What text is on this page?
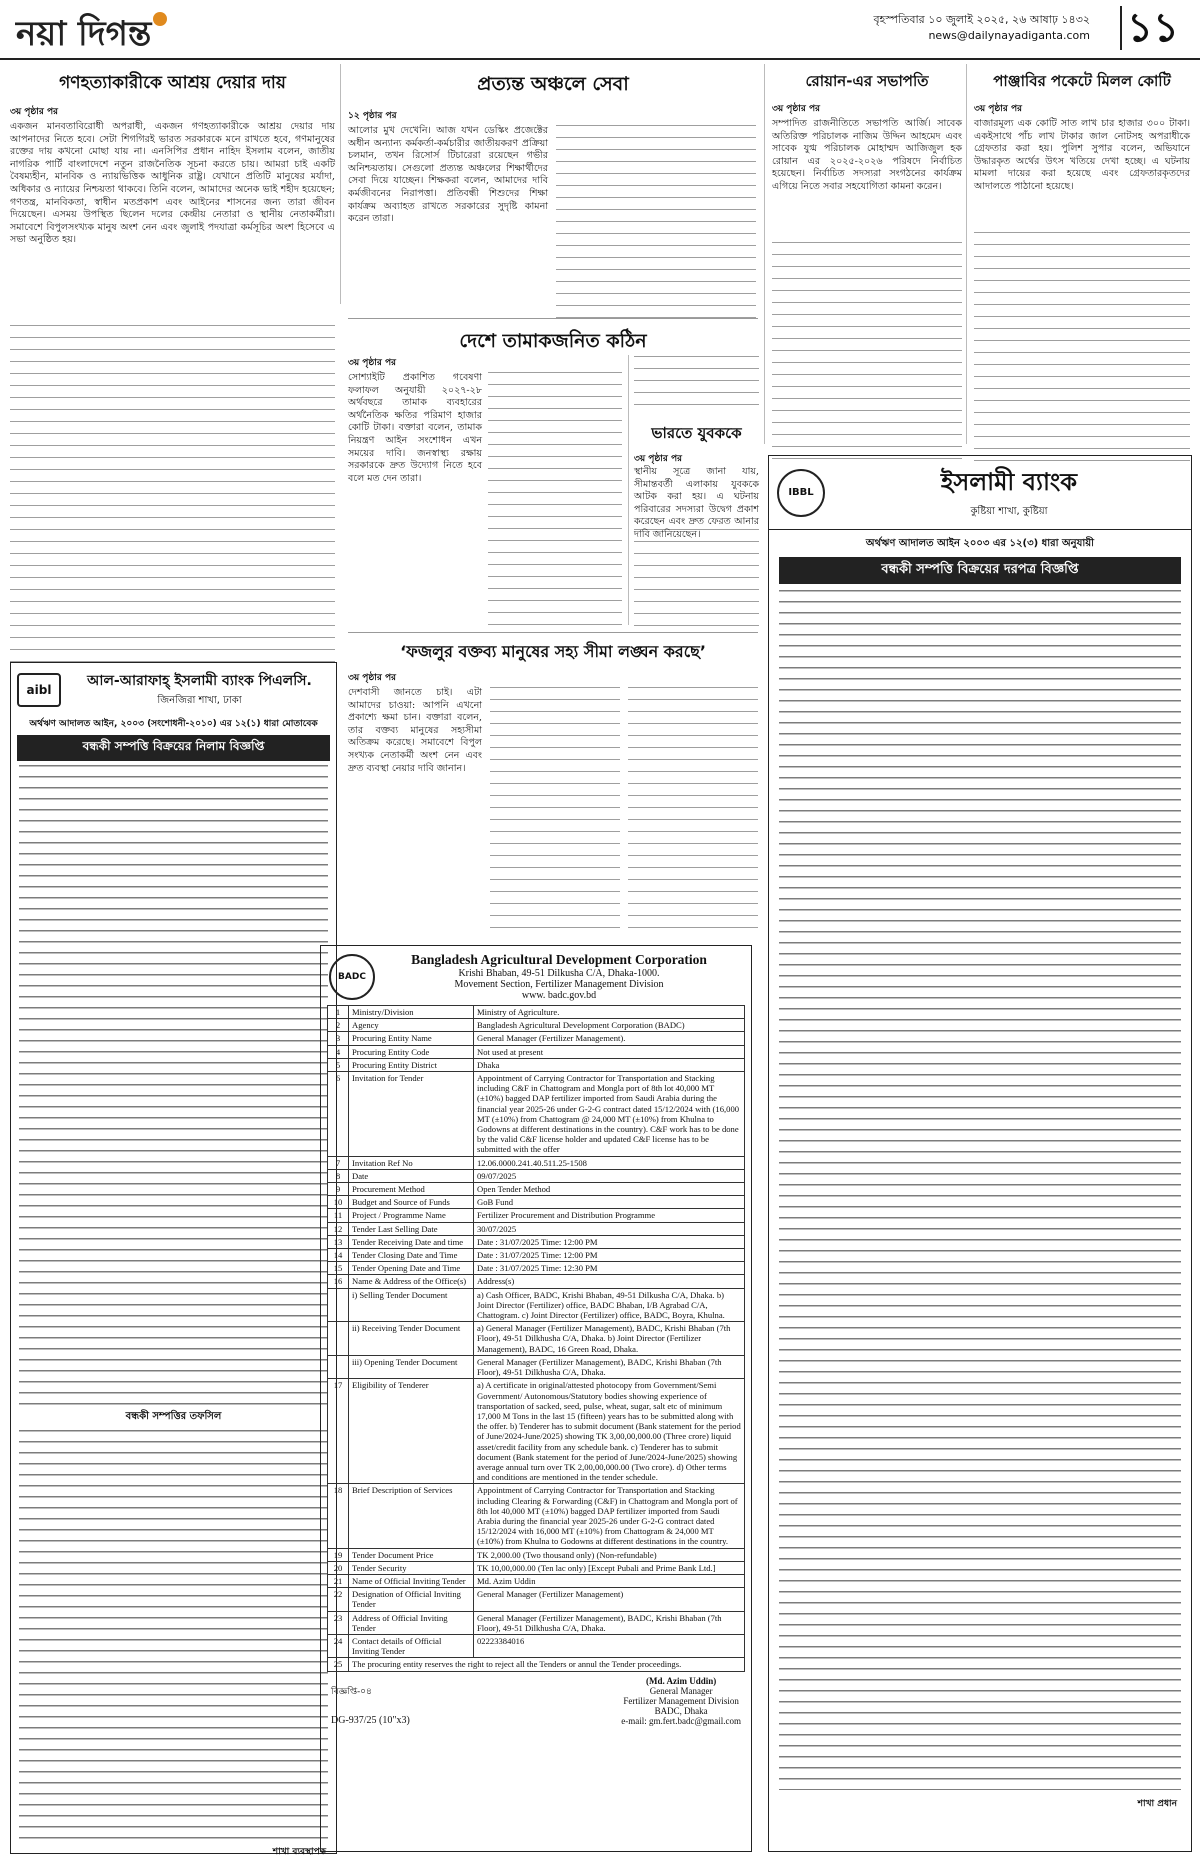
নয়া দিগন্ত	বৃহস্পতিবার ১০ জুলাই ২০২৫, ২৬ আষাঢ় ১৪৩২
news@dailynayadiganta.com ১১
গণহত্যাকারীকে আশ্রয় দেয়ার দায়
৩য় পৃষ্ঠার পর
একজন মানবতাবিরোধী অপরাধী, একজন গণহত্যাকারীকে আশ্রয় দেয়ার দায় আপনাদের নিতে হবে। সেটা শিগগিরই ভারত সরকারকে মনে রাখতে হবে, গণমানুষের রক্তের দায় কখনো মোছা যায় না। এনসিপির প্রধান নাহিদ ইসলাম বলেন, জাতীয় নাগরিক পার্টি বাংলাদেশে নতুন রাজনৈতিক সূচনা করতে চায়। আমরা চাই একটি বৈষম্যহীন, মানবিক ও ন্যায়ভিত্তিক আধুনিক রাষ্ট্র। যেখানে প্রতিটি মানুষের মর্যাদা, অধিকার ও ন্যায়ের নিশ্চয়তা থাকবে। তিনি বলেন, আমাদের অনেক ভাই শহীদ হয়েছেন; গণতন্ত্র, মানবিকতা, স্বাধীন মতপ্রকাশ এবং আইনের শাসনের জন্য তারা জীবন দিয়েছেন। এসময় উপস্থিত ছিলেন দলের কেন্দ্রীয় নেতারা ও স্থানীয় নেতাকর্মীরা। সমাবেশে বিপুলসংখ্যক মানুষ অংশ নেন এবং জুলাই পদযাত্রা কর্মসূচির অংশ হিসেবে এ সভা অনুষ্ঠিত হয়।
প্রত্যন্ত অঞ্চলে সেবা
১২ পৃষ্ঠার পর
আলোর মুখ দেখেনি। আজ যখন ডেস্কিং প্রজেক্টের অধীন অন্যান্য কর্মকর্তা-কর্মচারীর জাতীয়করণ প্রক্রিয়া চলমান, তখন রিসোর্স টিচারেরা রয়েছেন গভীর অনিশ্চয়তায়। সেগুলো প্রত্যন্ত অঞ্চলের শিক্ষার্থীদের সেবা দিয়ে যাচ্ছেন। শিক্ষকরা বলেন, আমাদের দাবি কর্মজীবনের নিরাপত্তা। প্রতিবন্ধী শিশুদের শিক্ষা কার্যক্রম অব্যাহত রাখতে সরকারের সুদৃষ্টি কামনা করেন তারা।
রোয়ান-এর সভাপতি
৩য় পৃষ্ঠার পর
সম্পাদিত রাজনীতিতে সভাপতি আর্জি। সাবেক অতিরিক্ত পরিচালক নাজিম উদ্দিন আহমেদ এবং সাবেক যুগ্ম পরিচালক মোহাম্মদ আজিজুল হক রোয়ান এর ২০২৫-২০২৬ পরিষদে নির্বাচিত হয়েছেন। নির্বাচিত সদস্যরা সংগঠনের কার্যক্রম এগিয়ে নিতে সবার সহযোগিতা কামনা করেন।
পাঞ্জাবির পকেটে মিলল কোটি
৩য় পৃষ্ঠার পর
বাজারমূল্য এক কোটি সাত লাখ চার হাজার ৩০০ টাকা। একইসাথে পাঁচ লাখ টাকার জাল নোটসহ অপরাধীকে গ্রেফতার করা হয়। পুলিশ সুপার বলেন, অভিযানে উদ্ধারকৃত অর্থের উৎস খতিয়ে দেখা হচ্ছে। এ ঘটনায় মামলা দায়ের করা হয়েছে এবং গ্রেফতারকৃতদের আদালতে পাঠানো হয়েছে।
দেশে তামাকজনিত কঠিন
৩য় পৃষ্ঠার পর
সোশ্যাইটি প্রকাশিত গবেষণা ফলাফল অনুযায়ী ২০২৭-২৮ অর্থবছরে তামাক ব্যবহারের অর্থনৈতিক ক্ষতির পরিমাণ হাজার কোটি টাকা। বক্তারা বলেন, তামাক নিয়ন্ত্রণ আইন সংশোধন এখন সময়ের দাবি। জনস্বাস্থ্য রক্ষায় সরকারকে দ্রুত উদ্যোগ নিতে হবে বলে মত দেন তারা।
ভারতে যুবককে
৩য় পৃষ্ঠার পর
স্থানীয় সূত্রে জানা যায়, সীমান্তবর্তী এলাকায় যুবককে আটক করা হয়। এ ঘটনায় পরিবারের সদস্যরা উদ্বেগ প্রকাশ করেছেন এবং দ্রুত ফেরত আনার দাবি জানিয়েছেন।
‘ফজলুর বক্তব্য মানুষের সহ্য সীমা লঙ্ঘন করছে’
৩য় পৃষ্ঠার পর
দেশবাসী জানতে চাই। এটা আমাদের চাওয়া: আপনি এখনো প্রকাশ্যে ক্ষমা চান। বক্তারা বলেন, তার বক্তব্য মানুষের সহ্যসীমা অতিক্রম করেছে। সমাবেশে বিপুল সংখ্যক নেতাকর্মী অংশ নেন এবং দ্রুত ব্যবস্থা নেয়ার দাবি জানান।
aibl
আল-আরাফাহ্ ইসলামী ব্যাংক পিএলসি.
জিনজিরা শাখা, ঢাকা
অর্থঋণ আদালত আইন, ২০০৩ (সংশোধনী-২০১০) এর ১২(১) ধারা মোতাবেক
বন্ধকী সম্পত্তি বিক্রয়ের নিলাম বিজ্ঞপ্তি
বন্ধকী সম্পত্তির তফসিল
শাখা ব্যবস্থাপক
BADC
Bangladesh Agricultural Development Corporation
Krishi Bhaban, 49-51 Dilkusha C/A, Dhaka-1000.
Movement Section, Fertilizer Management Division
www. badc.gov.bd
1	Ministry/Division	Ministry of Agriculture.
2	Agency	Bangladesh Agricultural Development Corporation (BADC)
3	Procuring Entity Name	General Manager (Fertilizer Management).
4	Procuring Entity Code	Not used at present
5	Procuring Entity District	Dhaka
6	Invitation for Tender	Appointment of Carrying Contractor for Transportation and Stacking including C&F in Chattogram and Mongla port of 8th lot 40,000 MT (±10%) bagged DAP fertilizer imported from Saudi Arabia during the financial year 2025-26 under G-2-G contract dated 15/12/2024 with (16,000 MT (±10%) from Chattogram @ 24,000 MT (±10%) from Khulna to Godowns at different destinations in the country). C&F work has to be done by the valid C&F license holder and updated C&F license has to be submitted with the offer
7	Invitation Ref No	12.06.0000.241.40.511.25-1508
8	Date	09/07/2025
9	Procurement Method	Open Tender Method
10	Budget and Source of Funds	GoB Fund
11	Project / Programme Name	Fertilizer Procurement and Distribution Programme
12	Tender Last Selling Date	30/07/2025
13	Tender Receiving Date and time	Date : 31/07/2025 Time: 12:00 PM
14	Tender Closing Date and Time	Date : 31/07/2025 Time: 12:00 PM
15	Tender Opening Date and Time	Date : 31/07/2025 Time: 12:30 PM
16	Name & Address of the Office(s)	Address(s)
	i) Selling Tender Document	a) Cash Officer, BADC, Krishi Bhaban, 49-51 Dilkusha C/A, Dhaka. b) Joint Director (Fertilizer) office, BADC Bhaban, I/B Agrabad C/A, Chattogram. c) Joint Director (Fertilizer) office, BADC, Boyra, Khulna.
	ii) Receiving Tender Document	a) General Manager (Fertilizer Management), BADC, Krishi Bhaban (7th Floor), 49-51 Dilkhusha C/A, Dhaka. b) Joint Director (Fertilizer Management), BADC, 16 Green Road, Dhaka.
	iii) Opening Tender Document	General Manager (Fertilizer Management), BADC, Krishi Bhaban (7th Floor), 49-51 Dilkhusha C/A, Dhaka.
17	Eligibility of Tenderer	a) A certificate in original/attested photocopy from Government/Semi Government/ Autonomous/Statutory bodies showing experience of transportation of sacked, seed, pulse, wheat, sugar, salt etc of minimum 17,000 M Tons in the last 15 (fifteen) years has to be submitted along with the offer. b) Tenderer has to submit document (Bank statement for the period of June/2024-June/2025) showing TK 3,00,00,000.00 (Three crore) liquid asset/credit facility from any schedule bank. c) Tenderer has to submit document (Bank statement for the period of June/2024-June/2025) showing average annual turn over TK 2,00,00,000.00 (Two crore). d) Other terms and conditions are mentioned in the tender schedule.
18	Brief Description of Services	Appointment of Carrying Contractor for Transportation and Stacking including Clearing & Forwarding (C&F) in Chattogram and Mongla port of 8th lot 40,000 MT (±10%) bagged DAP fertilizer imported from Saudi Arabia during the financial year 2025-26 under G-2-G contract dated 15/12/2024 with 16,000 MT (±10%) from Chattogram & 24,000 MT (±10%) from Khulna to Godowns at different destinations in the country.
19	Tender Document Price	TK 2,000.00 (Two thousand only) (Non-refundable)
20	Tender Security	TK 10,00,000.00 (Ten lac only) [Except Pubali and Prime Bank Ltd.]
21	Name of Official Inviting Tender	Md. Azim Uddin
22	Designation of Official Inviting Tender	General Manager (Fertilizer Management)
23	Address of Official Inviting Tender	General Manager (Fertilizer Management), BADC, Krishi Bhaban (7th Floor), 49-51 Dilkhusha C/A, Dhaka.
24	Contact details of Official Inviting Tender	02223384016
25	The procuring entity reserves the right to reject all the Tenders or annul the Tender proceedings.	
বিজ্ঞপ্তি-০৪
DG-937/25 (10"x3)
(Md. Azim Uddin)
General Manager
Fertilizer Management Division
BADC, Dhaka
e-mail: gm.fert.badc@gmail.com
IBBL	ইসলামী ব্যাংক
কুষ্টিয়া শাখা, কুষ্টিয়া
অর্থঋণ আদালত আইন ২০০৩ এর ১২(৩) ধারা অনুযায়ী
বন্ধকী সম্পত্তি বিক্রয়ের দরপত্র বিজ্ঞপ্তি
শাখা প্রধান
